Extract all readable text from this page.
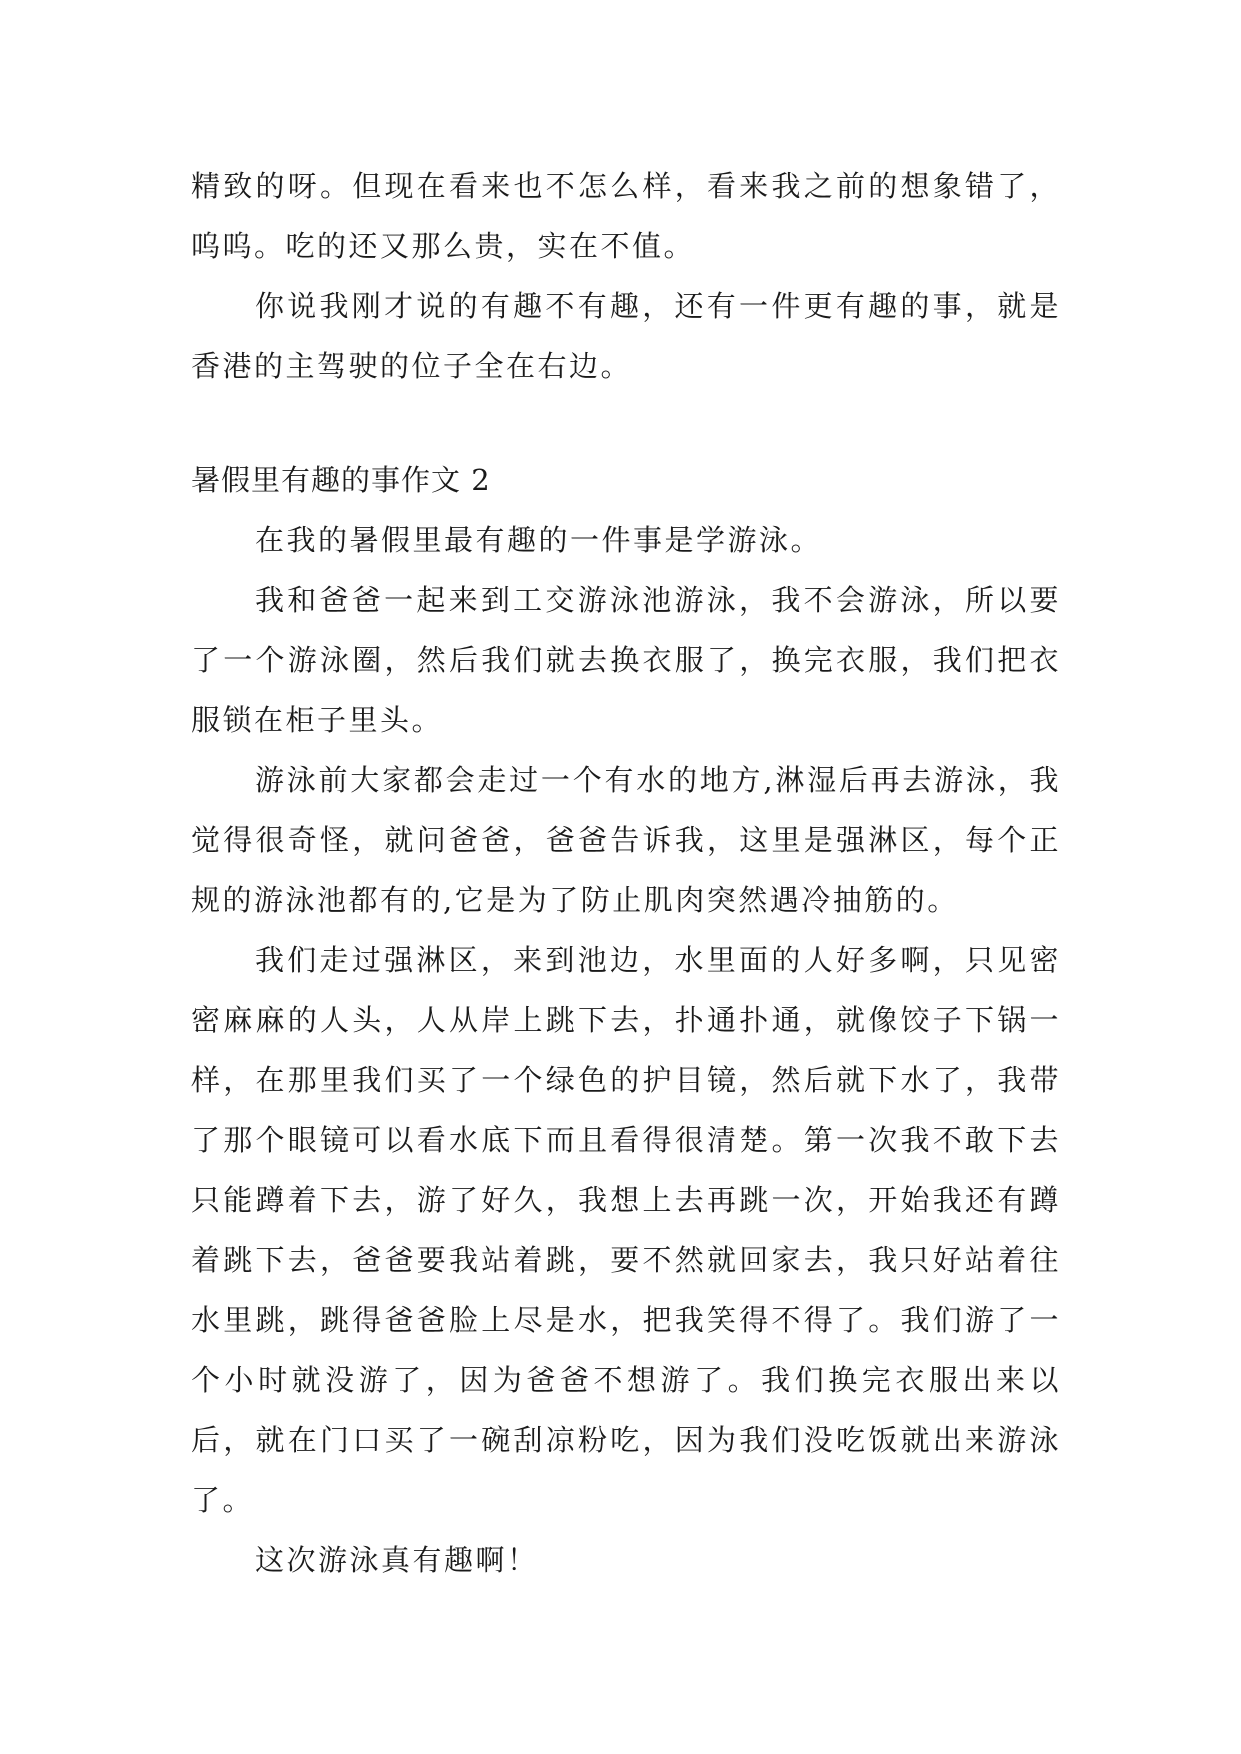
精致的呀。但现在看来也不怎么样，看来我之前的想象错了，呜呜。吃的还又那么贵，实在不值。

你说我刚才说的有趣不有趣，还有一件更有趣的事，就是香港的主驾驶的位子全在右边。

暑假里有趣的事作文 2

在我的暑假里最有趣的一件事是学游泳。

我和爸爸一起来到工交游泳池游泳，我不会游泳，所以要了一个游泳圈，然后我们就去换衣服了，换完衣服，我们把衣服锁在柜子里头。

游泳前大家都会走过一个有水的地方,淋湿后再去游泳，我觉得很奇怪，就问爸爸，爸爸告诉我，这里是强淋区，每个正规的游泳池都有的,它是为了防止肌肉突然遇冷抽筋的。

我们走过强淋区，来到池边，水里面的人好多啊，只见密密麻麻的人头，人从岸上跳下去，扑通扑通，就像饺子下锅一样，在那里我们买了一个绿色的护目镜，然后就下水了，我带了那个眼镜可以看水底下而且看得很清楚。第一次我不敢下去只能蹲着下去，游了好久，我想上去再跳一次，开始我还有蹲着跳下去，爸爸要我站着跳，要不然就回家去，我只好站着往水里跳，跳得爸爸脸上尽是水，把我笑得不得了。我们游了一个小时就没游了，因为爸爸不想游了。我们换完衣服出来以后，就在门口买了一碗刮凉粉吃，因为我们没吃饭就出来游泳了。

这次游泳真有趣啊！
